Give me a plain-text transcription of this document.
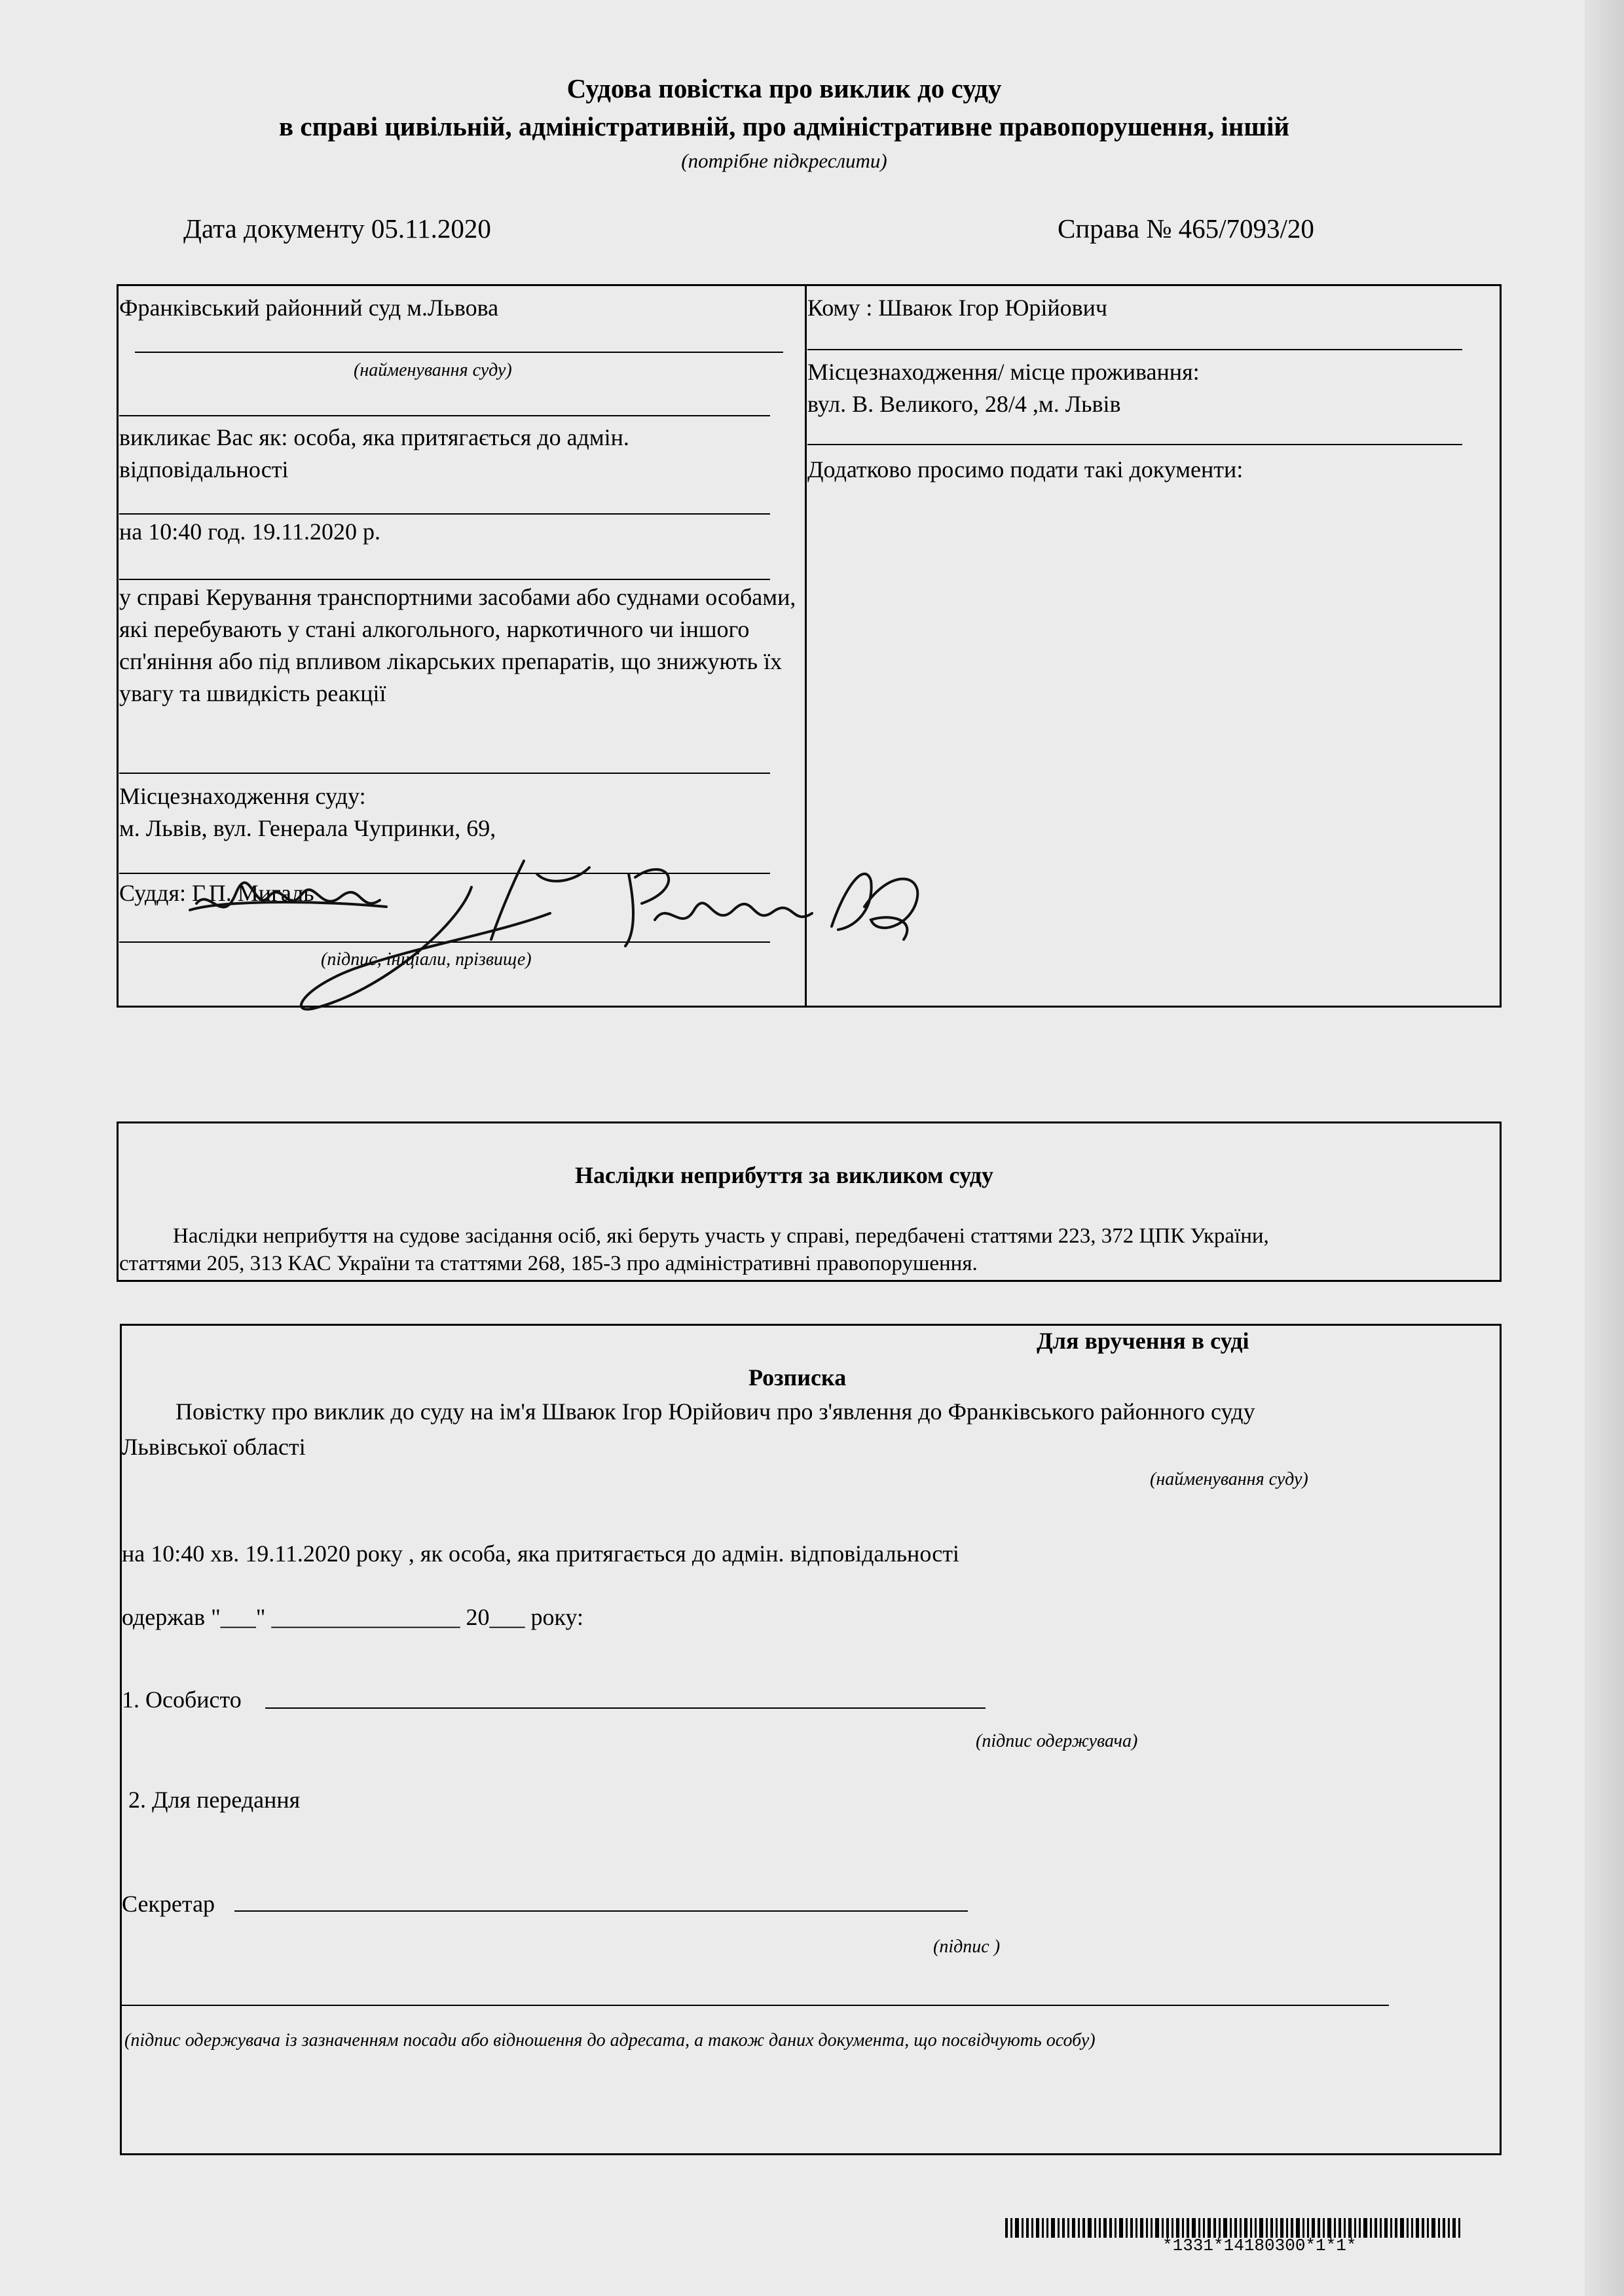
Судова повістка про виклик до суду
в справі цивільній, адміністративній, про адміністративне правопорушення, іншій
(потрібне підкреслити)
Дата документу 05.11.2020	Справа № 465/7093/20
Франківський районний суд м.Львова
(найменування суду)
викликає Вас як: особа, яка притягається до адмін. відповідальності
на 10:40 год. 19.11.2020 р.
у справі Керування транспортними засобами або суднами особами, які перебувають у стані алкогольного, наркотичного чи іншого сп'яніння або під впливом лікарських препаратів, що знижують їх увагу та швидкість реакції
Місцезнаходження суду:
м. Львів, вул. Генерала Чупринки, 69,
Суддя: Г.П. Мигаль
(підпис, ініціали, прізвище)
Кому : Шваюк Ігор Юрійович
Місцезнаходження/ місце проживання:
вул. В. Великого, 28/4 ,м. Львів
Додатково просимо подати такі документи:
Наслідки неприбуття за викликом суду
Наслідки неприбуття на судове засідання осіб, які беруть участь у справі, передбачені статтями 223, 372 ЦПК України,
статтями 205, 313 КАС України та статтями 268, 185-3 про адміністративні правопорушення.
Для вручення в суді
Розписка
Повістку про виклик до суду на ім'я Шваюк Ігор Юрійович про з'явлення до Франківського районного суду
Львівської області
(найменування суду)
на 10:40 хв. 19.11.2020 року , як особа, яка притягається до адмін. відповідальності
одержав "___" ________________ 20___ року:
1. Особисто
(підпис одержувача)
2. Для передання
Секретар
(підпис )
(підпис одержувача із зазначенням посади або відношення до адресата, а також даних документа, що посвідчують особу)
*1331*14180300*1*1*
